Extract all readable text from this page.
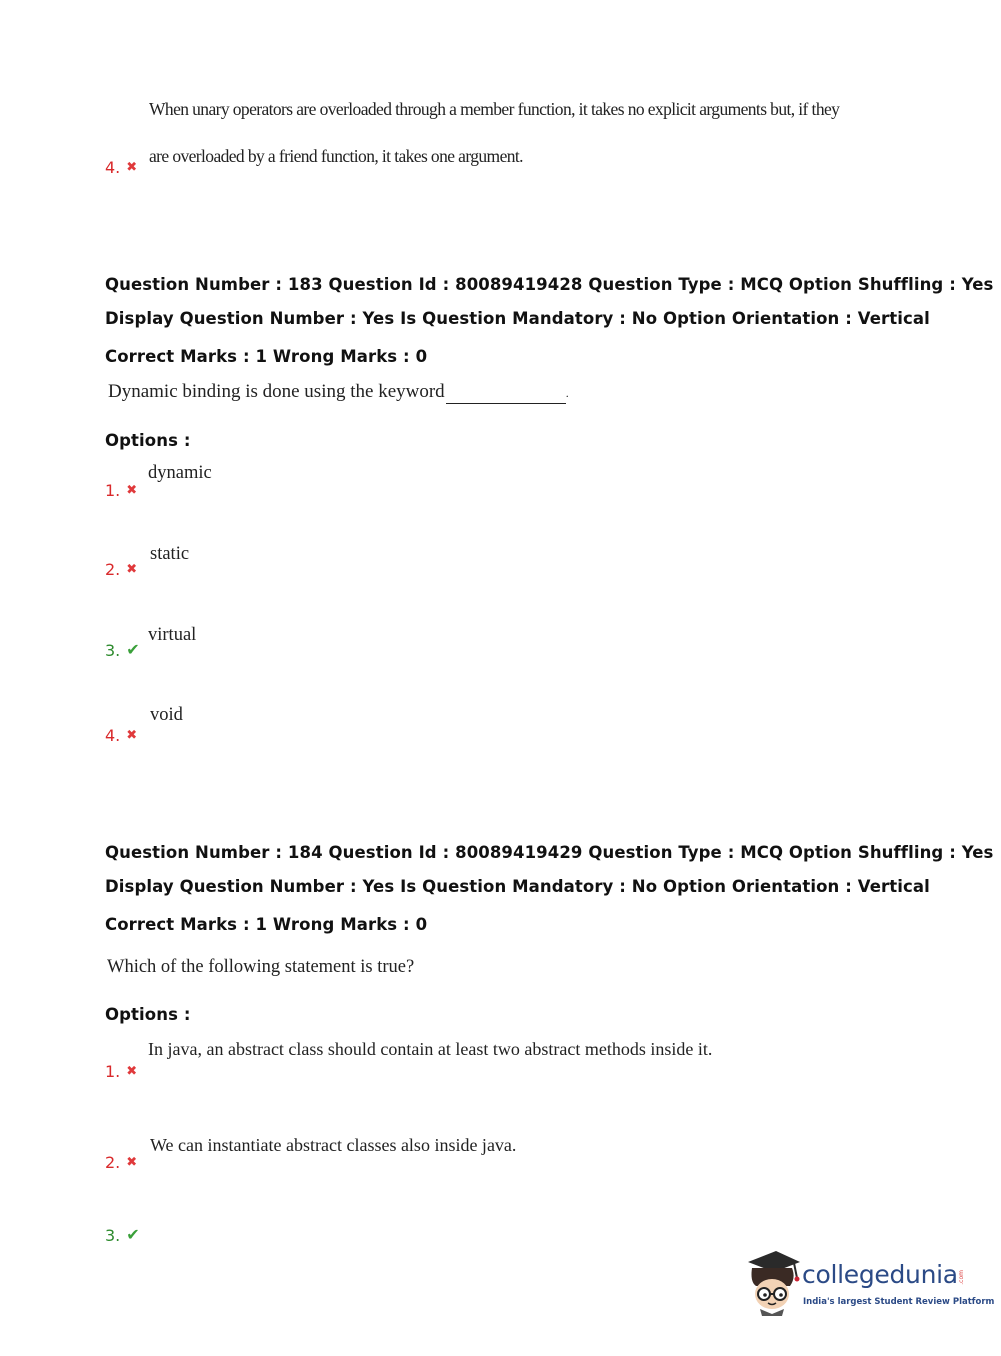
When unary operators are overloaded through a member function, it takes no explicit arguments but, if they
4. ✖
are overloaded by a friend function, it takes one argument.
Question Number : 183 Question Id : 80089419428 Question Type : MCQ Option Shuffling : Yes
Display Question Number : Yes Is Question Mandatory : No Option Orientation : Vertical
Correct Marks : 1 Wrong Marks : 0
Dynamic binding is done using the keyword	.
Options :
dynamic
1. ✖
static
2. ✖
virtual
3. ✔
void
4. ✖
Question Number : 184 Question Id : 80089419429 Question Type : MCQ Option Shuffling : Yes
Display Question Number : Yes Is Question Mandatory : No Option Orientation : Vertical
Correct Marks : 1 Wrong Marks : 0
Which of the following statement is true?
Options :
In java, an abstract class should contain at least two abstract methods inside it.
1. ✖
We can instantiate abstract classes also inside java.
2. ✖
3. ✔
collegedunia .com
India's largest Student Review Platform
